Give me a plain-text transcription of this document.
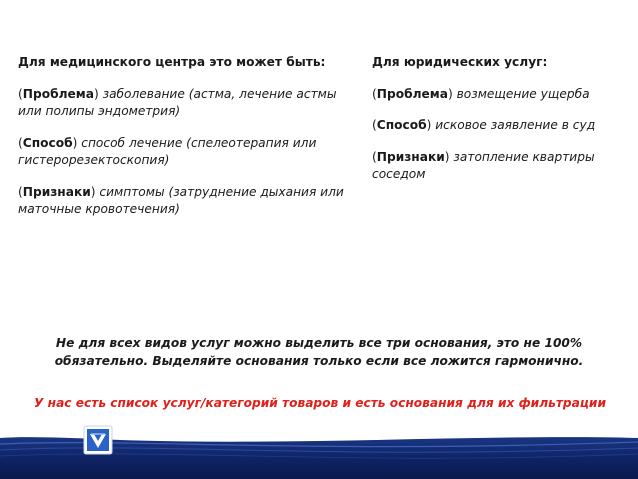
Для медицинского центра это может быть:
(Проблема) заболевание (астма, лечение астмы или полипы эндометрия)
(Способ) способ лечение (спелеотерапия или гистерорезектоскопия)
(Признаки) симптомы (затруднение дыхания или маточные кровотечения)
Для юридических услуг:
(Проблема) возмещение ущерба
(Способ) исковое заявление в суд
(Признаки) затопление квартиры соседом
Не для всех видов услуг можно выделить все три основания, это не 100%
обязательно. Выделяйте основания только если все ложится гармонично.
У нас есть список услуг/категорий товаров и есть основания для их фильтрации
